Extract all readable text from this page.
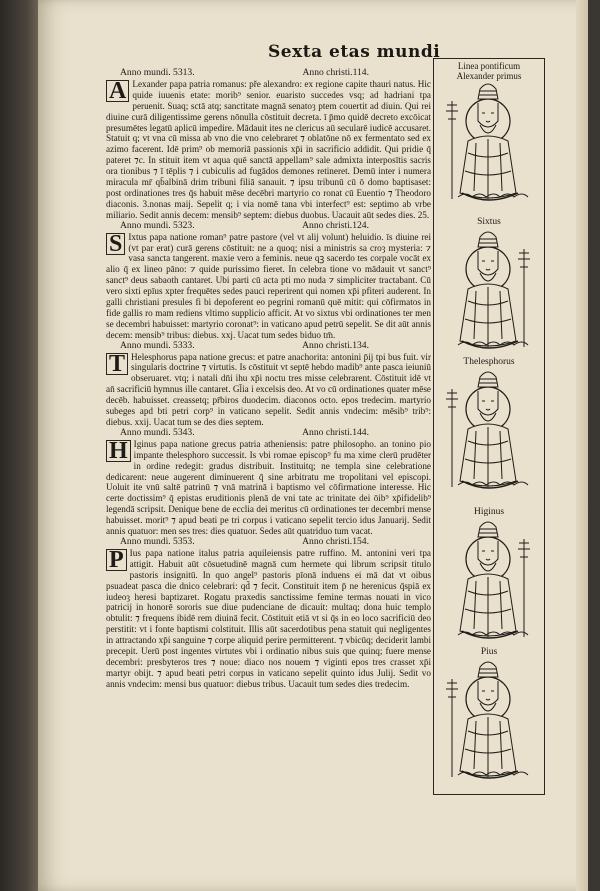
Sexta etas mundi
Anno mundi. 5313.	Anno christi.114.
A Lexander papa patria romanus: pře alexandro: ex regione capite thauri natus. Hic quide iuuenis etate: morib⁹ senior. euaristo succedes vsq; ad hadriani tpa peruenit. Suaq; sctā atq; sanctitate magnā senatoȝ ptem couertit ad diuin. Qui rei diuine curā diligentissime gerens nōnulla cōstituit decreta. ī p̄mo quidē decreto excōicat presumētes legatū aplicū impedire. Mādauit ites ne clericus aū secularē iudicē accusaret. Statuit q; vt vna cū missa ab vno die vno celebraret ⁊ oblatōne nō ex fermentato sed ex azimo facerent. Idē prim⁹ ob memoriā passionis xp̄i in sacrificio addidit. Qui pridie q̄ pateret ⁊c. In stituit item vt aqua quē sanctā appellam⁹ sale admixta interposītis sacris ora tionibus ⁊ ī tēplis ⁊ i cubiculis ad fugādos demones retineret. Demū inter i numera miracula mr̄ qb̄albinā drim tribuni filiā sanauit. ⁊ ipsu tribunū cū ō domo baptisaset: post ordinationes tres q̄s habuit mēse decēbri martyrio co ronat cū Euentio ⁊ Theodoro diaconis. 3.nonas maij. Sepelit q; i via nomē tana vbi interfect⁹ est: septimo ab vrbe miliario. Sedit annis decem: mensib⁹ septem: diebus duobus. Uacauit aūt sedes dies. 25.
Anno mundi. 5323.	Anno christi.124.
S Ixtus papa natione roman⁹ patre pastore (vel vt alij volunt) heluidio. īs diuine rei (vt par erat) curā gerens cōstituit: ne a quoq; nisi a ministris sa croȝ mysteria: ⁊ vasa sancta tangerent. maxie vero a feminis. neue qꝫ sacerdo tes corpale vocāt ex alio q̄ ex lineo pāno: ⁊ quide purissimo fieret. In celebra tione vo mādauit vt sanct⁹ sanct⁹ deus sabaoth cantaret. Ubi parti cū acta pti mo nuda ⁊ simpliciter tractabant. Cū vero sixti epīus xpter frequētes sedes pauci reperirent qui nomen xp̄i pfiteri auderent. In galli christiani presules fi bi depoferent eo pegrini romanū quē mitit: qui cōfirmatos in fide gallis ro mam rediens vltimo supplicio afficit. At vo sixtus vbi ordinationes ter men se decembri habuisset: martyrio coronat⁹: in vaticano apud petrū sepelit. Se dit aūt annis decem: mensib⁹ tribus: diebus. xxj. Uacat tum sedes biduo tm̄.
Anno mundi. 5333.	Anno christi.134.
T Helesphorus papa natione grecus: et patre anachorita: antonini p̄ij tpi bus fuit. vir singularis doctrine ⁊ virtutis. Is cōstituit vt septē hebdo madib⁹ ante pasca ieiuniū obseruaret. vtq; i natali dn̄i ihu xp̄i noctu tres misse celebrarent. Cōstituit idē vt an̄ sacrificiū hymnus ille cantaret. Gl̄ia i excelsis deo. At vo cū ordinationes quater mēse decēb. habuisset. creassetq; pr̄biros duodecim. diaconos octo. epos tredecim. martyrio subeges apd bti petri corp⁹ in vaticano sepelit. Sedit annis vndecim: mēsib⁹ trib⁹: diebus. xxij. Uacat tum se des dies septem.
Anno mundi. 5343.	Anno christi.144.
H Iginus papa natione grecus patria atheniensis: patre philosopho. an tonino pio impante thelesphoro successit. Is vbi romae episcop⁹ fu ma xime clerū prudēter in ordine redegit: gradus distribuit. Instituitq; ne templa sine celebratione dedicarent: neue augerent diminuerent q̄ sine arbitratu me tropolitani vel episcopi. Uoluit ite vnū saltē patrinū ⁊ vnā matrinā i baptismo vel cōfirmatione interesse. Hic certe doctissim⁹ q̄ epistas eruditionis plenā de vni tate ac trinitate dei ōib⁹ xp̄ifidelib⁹ legendā scripsit. Denique bene de ecclia dei meritus cū ordinationes ter decembri mense habuisset. morit⁹ ⁊ apud beati pe tri corpus i vaticano sepelit tercio idus Januarij. Sedit annis quatuor: men ses tres: dies quatuor. Sedes aūt quatriduo tum vacat.
Anno mundi. 5353.	Anno christi.154.
P Ius papa natione italus patria aquileiensis patre ruffino. M. antonini veri tpa attigit. Habuit aūt cōsuetudinē magnā cum hermete qui librum scripsit titulo pastoris insignitū. In quo angel⁹ pastoris pīonā induens ei mā dat vt oibus psuadeat pasca die dnico celebrari: qd̄ ⁊ fecit. Constituit item p̄ ne herenicus q̄spiā ex iudeoȝ heresi baptizaret. Rogatu praxedis sanctissime femine termas nouati in vico patricij in honorē sororis sue diue pudenciane de dicauit: multaq; dona huic templo obtulit: ⁊ frequens ibidē rem diuinā fecit. Cōstituit etiā vt si q̄s in eo loco sacrificiū deo perstitit: vt i fonte baptismi colstituit. Illis aūt sacerdotibus pena statuit qui negligentes in attractando xp̄i sanguine ⁊ corpe aliquid perire permitterent. ⁊ vbicūq; deciderit lambi precepit. Uerū post ingentes virtutes vbi i ordinatio nibus suis que quinq; fuere mense decembri: presbyteros tres ⁊ noue: diaco nos nouem ⁊ viginti epos tres crasset xp̄i martyr obijt. ⁊ apud beati petri corpus in vaticano sepelit quinto idus Julij. Sedit vo annis vndecim: mensi bus quatuor: diebus tribus. Uacauit tum sedes dies tredecim.
Linea pontificum
Alexander primus
Sixtus
Thelesphorus
Higinus
Pius
